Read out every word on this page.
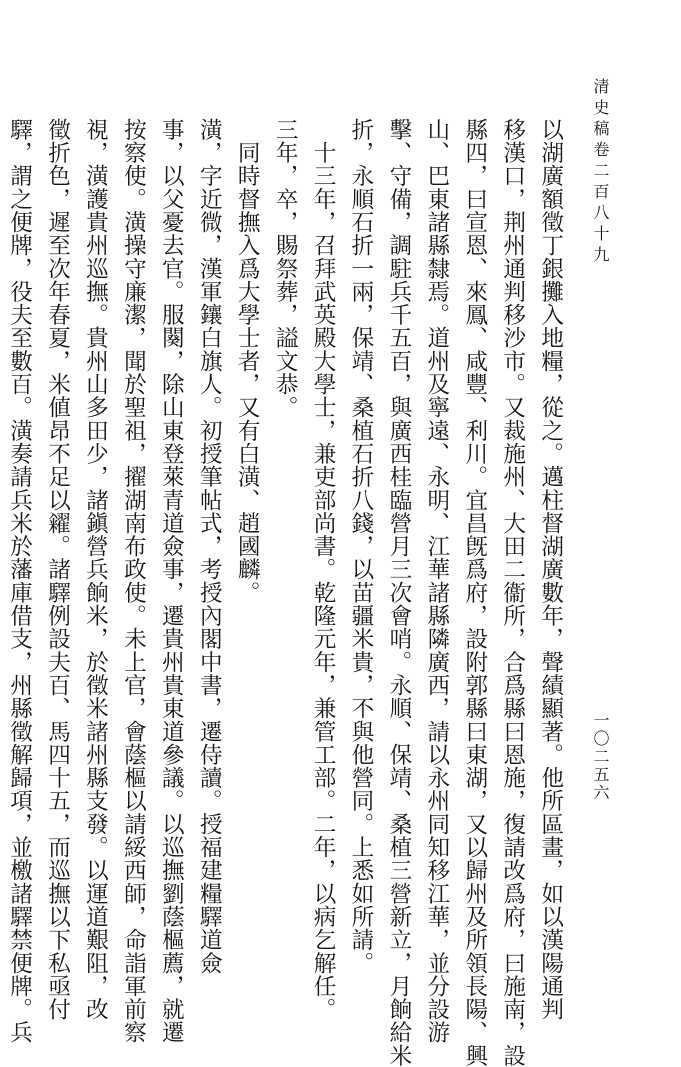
清史稿卷二百八十九
一〇二五六
以湖廣額徵丁銀攤入地糧，從之。邁柱督湖廣數年，聲績顯著。他所區畫，如以漢陽通判
移漢口，荆州通判移沙市。又裁施州、大田二衞所，合爲縣曰恩施，復請改爲府，曰施南，設
縣四，曰宣恩、來鳳、咸豐、利川。宜昌旣爲府，設附郭縣曰東湖，又以歸州及所領長陽、興
山、巴東諸縣隸焉。道州及寧遠、永明、江華諸縣隣廣西，請以永州同知移江華，並分設游
擊、守備，調駐兵千五百，與廣西桂臨營月三次會哨。永順、保靖、桑植三營新立，月餉給米
折，永順石折一兩，保靖、桑植石折八錢，以苗疆米貴，不與他營同。上悉如所請。
　十三年，召拜武英殿大學士，兼吏部尚書。乾隆元年，兼管工部。二年，以病乞解任。
三年，卒，賜祭葬，謚文恭。
　同時督撫入爲大學士者，又有白潢、趙國麟。
潢，字近微，漢軍鑲白旗人。初授筆帖式，考授內閣中書，遷侍讀。授福建糧驛道僉
事，以父憂去官。服闋，除山東登萊青道僉事，遷貴州貴東道參議。以巡撫劉蔭樞薦，就遷
按察使。潢操守廉潔，聞於聖祖，擢湖南布政使。未上官，會蔭樞以請綏西師，命詣軍前察
視，潢護貴州巡撫。貴州山多田少，諸鎭營兵餉米，於徵米諸州縣支發。以運道艱阻，改
徵折色，遲至次年春夏，米値昂不足以糴。諸驛例設夫百、馬四十五，而巡撫以下私亟付
驛，謂之便牌，役夫至數百。潢奏請兵米於藩庫借支，州縣徵解歸項，並檄諸驛禁便牌。兵
